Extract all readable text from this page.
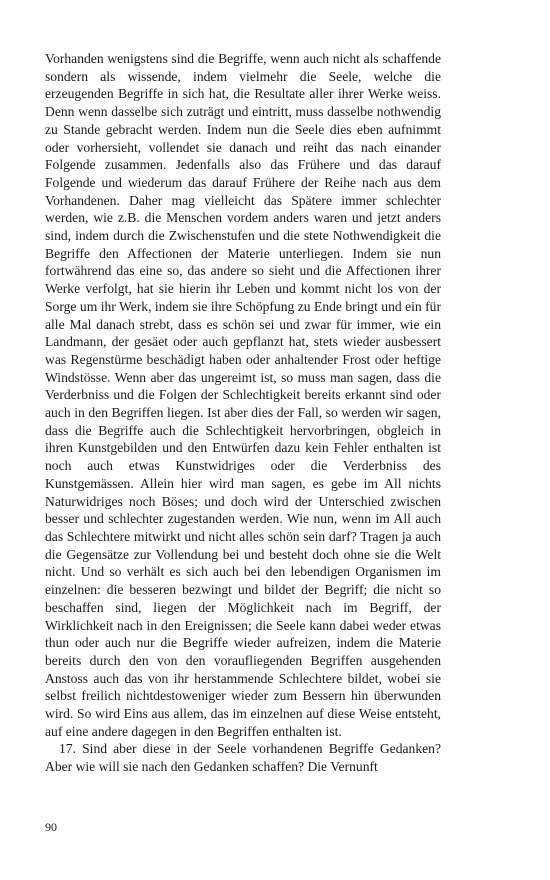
Vorhanden wenigstens sind die Begriffe, wenn auch nicht als schaffende sondern als wissende, indem vielmehr die Seele, welche die erzeugenden Begriffe in sich hat, die Resultate aller ihrer Werke weiss. Denn wenn dasselbe sich zuträgt und eintritt, muss dasselbe nothwendig zu Stande gebracht werden. Indem nun die Seele dies eben aufnimmt oder vorhersieht, vollendet sie danach und reiht das nach einander Folgende zusammen. Jedenfalls also das Frühere und das darauf Folgende und wiederum das darauf Frühere der Reihe nach aus dem Vorhandenen. Daher mag vielleicht das Spätere immer schlechter werden, wie z.B. die Menschen vordem anders waren und jetzt anders sind, indem durch die Zwischenstufen und die stete Nothwendigkeit die Begriffe den Affectionen der Materie unterliegen. Indem sie nun fortwährend das eine so, das andere so sieht und die Affectionen ihrer Werke verfolgt, hat sie hierin ihr Leben und kommt nicht los von der Sorge um ihr Werk, indem sie ihre Schöpfung zu Ende bringt und ein für alle Mal danach strebt, dass es schön sei und zwar für immer, wie ein Landmann, der gesäet oder auch gepflanzt hat, stets wieder ausbessert was Regenstürme beschädigt haben oder anhaltender Frost oder heftige Windstösse. Wenn aber das ungereimt ist, so muss man sagen, dass die Verderbniss und die Folgen der Schlechtigkeit bereits erkannt sind oder auch in den Begriffen liegen. Ist aber dies der Fall, so werden wir sagen, dass die Begriffe auch die Schlechtigkeit hervorbringen, obgleich in ihren Kunstgebilden und den Entwürfen dazu kein Fehler enthalten ist noch auch etwas Kunstwidriges oder die Verderbniss des Kunstgemässen. Allein hier wird man sagen, es gebe im All nichts Naturwidriges noch Böses; und doch wird der Unterschied zwischen besser und schlechter zugestanden werden. Wie nun, wenn im All auch das Schlechtere mitwirkt und nicht alles schön sein darf? Tragen ja auch die Gegensätze zur Vollendung bei und besteht doch ohne sie die Welt nicht. Und so verhält es sich auch bei den lebendigen Organismen im einzelnen: die besseren bezwingt und bildet der Begriff; die nicht so beschaffen sind, liegen der Möglichkeit nach im Begriff, der Wirklichkeit nach in den Ereignissen; die Seele kann dabei weder etwas thun oder auch nur die Begriffe wieder aufreizen, indem die Materie bereits durch den von den voraufliegenden Begriffen ausgehenden Anstoss auch das von ihr herstammende Schlechtere bildet, wobei sie selbst freilich nichtdestoweniger wieder zum Bessern hin überwunden wird. So wird Eins aus allem, das im einzelnen auf diese Weise entsteht, auf eine andere dagegen in den Begriffen enthalten ist.

17. Sind aber diese in der Seele vorhandenen Begriffe Gedanken? Aber wie will sie nach den Gedanken schaffen? Die Vernunft

90
